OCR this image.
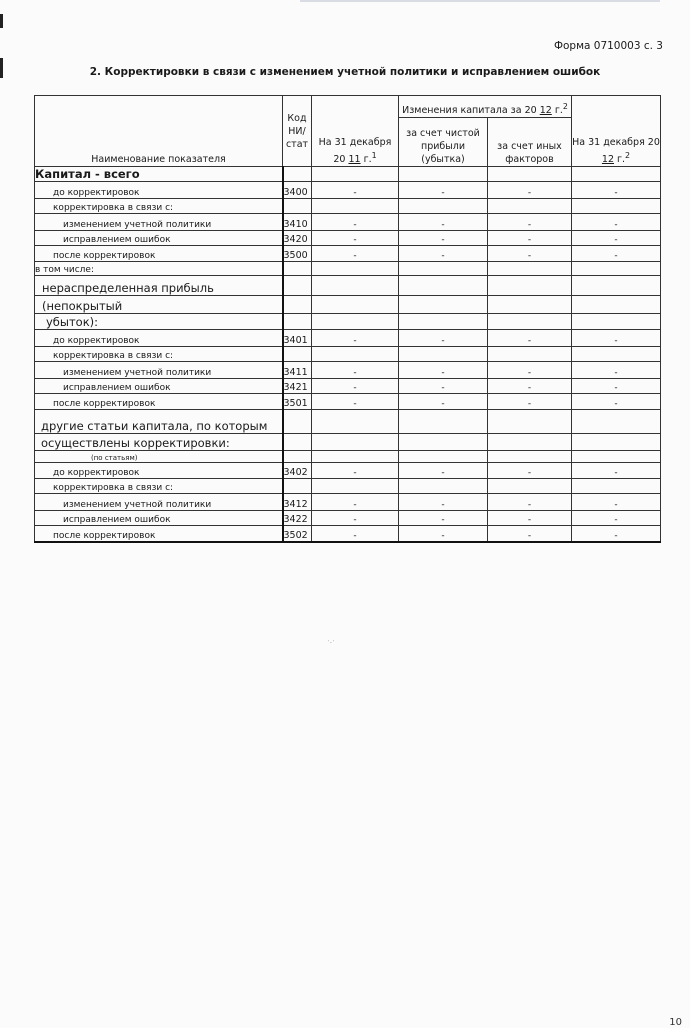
Форма 0710003 с. 3
2. Корректировки в связи с изменением учетной политики и исправлением ошибок
Наименование показателя	Код НИ/ стат	На 31 декабря 20 11 г.$^1$	Изменения капитала за 20 12 г.$^2$		На 31 декабря 20 12 г.$^2$
			за счет чистой прибыли (убытка)	за счет иных факторов	
Капитал - всего					
до корректировок	3400	-	-	-	-
корректировка в связи с:					
изменением учетной политики	3410	-	-	-	-
исправлением ошибок	3420	-	-	-	-
после корректировок	3500	-	-	-	-
в том числе:					
нераспределенная прибыль					
(непокрытый					
убыток):					
до корректировок	3401	-	-	-	-
корректировка в связи с:					
изменением учетной политики	3411	-	-	-	-
исправлением ошибок	3421	-	-	-	-
после корректировок	3501	-	-	-	-
другие статьи капитала, по которым					
осуществлены корректировки:					
(по статьям)					
до корректировок	3402	-	-	-	-
корректировка в связи с:					
изменением учетной политики	3412	-	-	-	-
исправлением ошибок	3422	-	-	-	-
после корректировок	3502	-	-	-	-
˙·˙
10
